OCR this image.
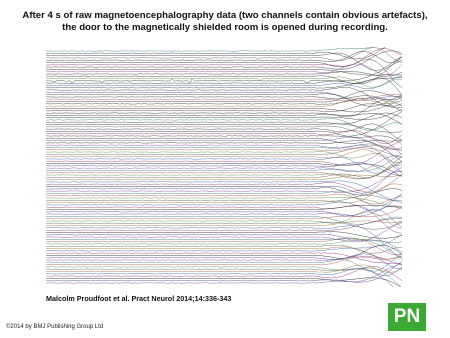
After 4 s of raw magnetoencephalography data (two channels contain obvious artefacts), the door to the magnetically shielded room is opened during recording.
Malcolm Proudfoot et al. Pract Neurol 2014;14:336-343
©2014 by BMJ Publishing Group Ltd	PN
